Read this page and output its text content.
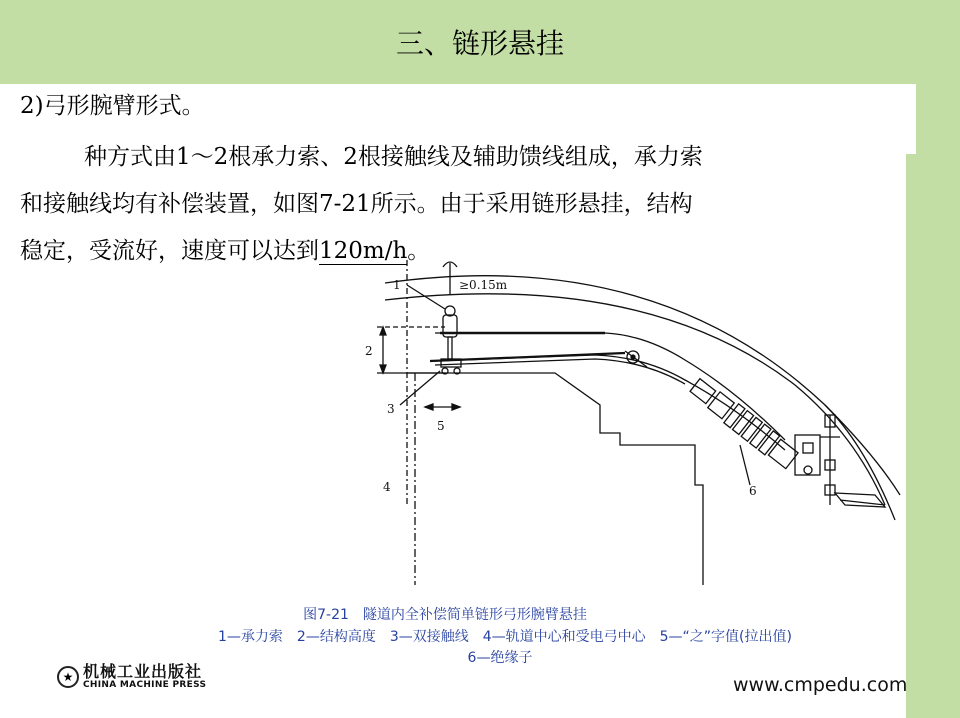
三、链形悬挂
2)弓形腕臂形式。
种方式由1～2根承力索、2根接触线及辅助馈线组成，承力索
和接触线均有补偿装置，如图7-21所示。由于采用链形悬挂，结构
稳定，受流好，速度可以达到120m/h。
1	≥0.15m
2
3
5
4	6
图7-21　隧道内全补偿简单链形弓形腕臂悬挂
1—承力索　2—结构高度　3—双接触线　4—轨道中心和受电弓中心　5—“之”字值(拉出值)
6—绝缘子
★ 机械工业出版社
CHINA MACHINE PRESS	www.cmpedu.com
